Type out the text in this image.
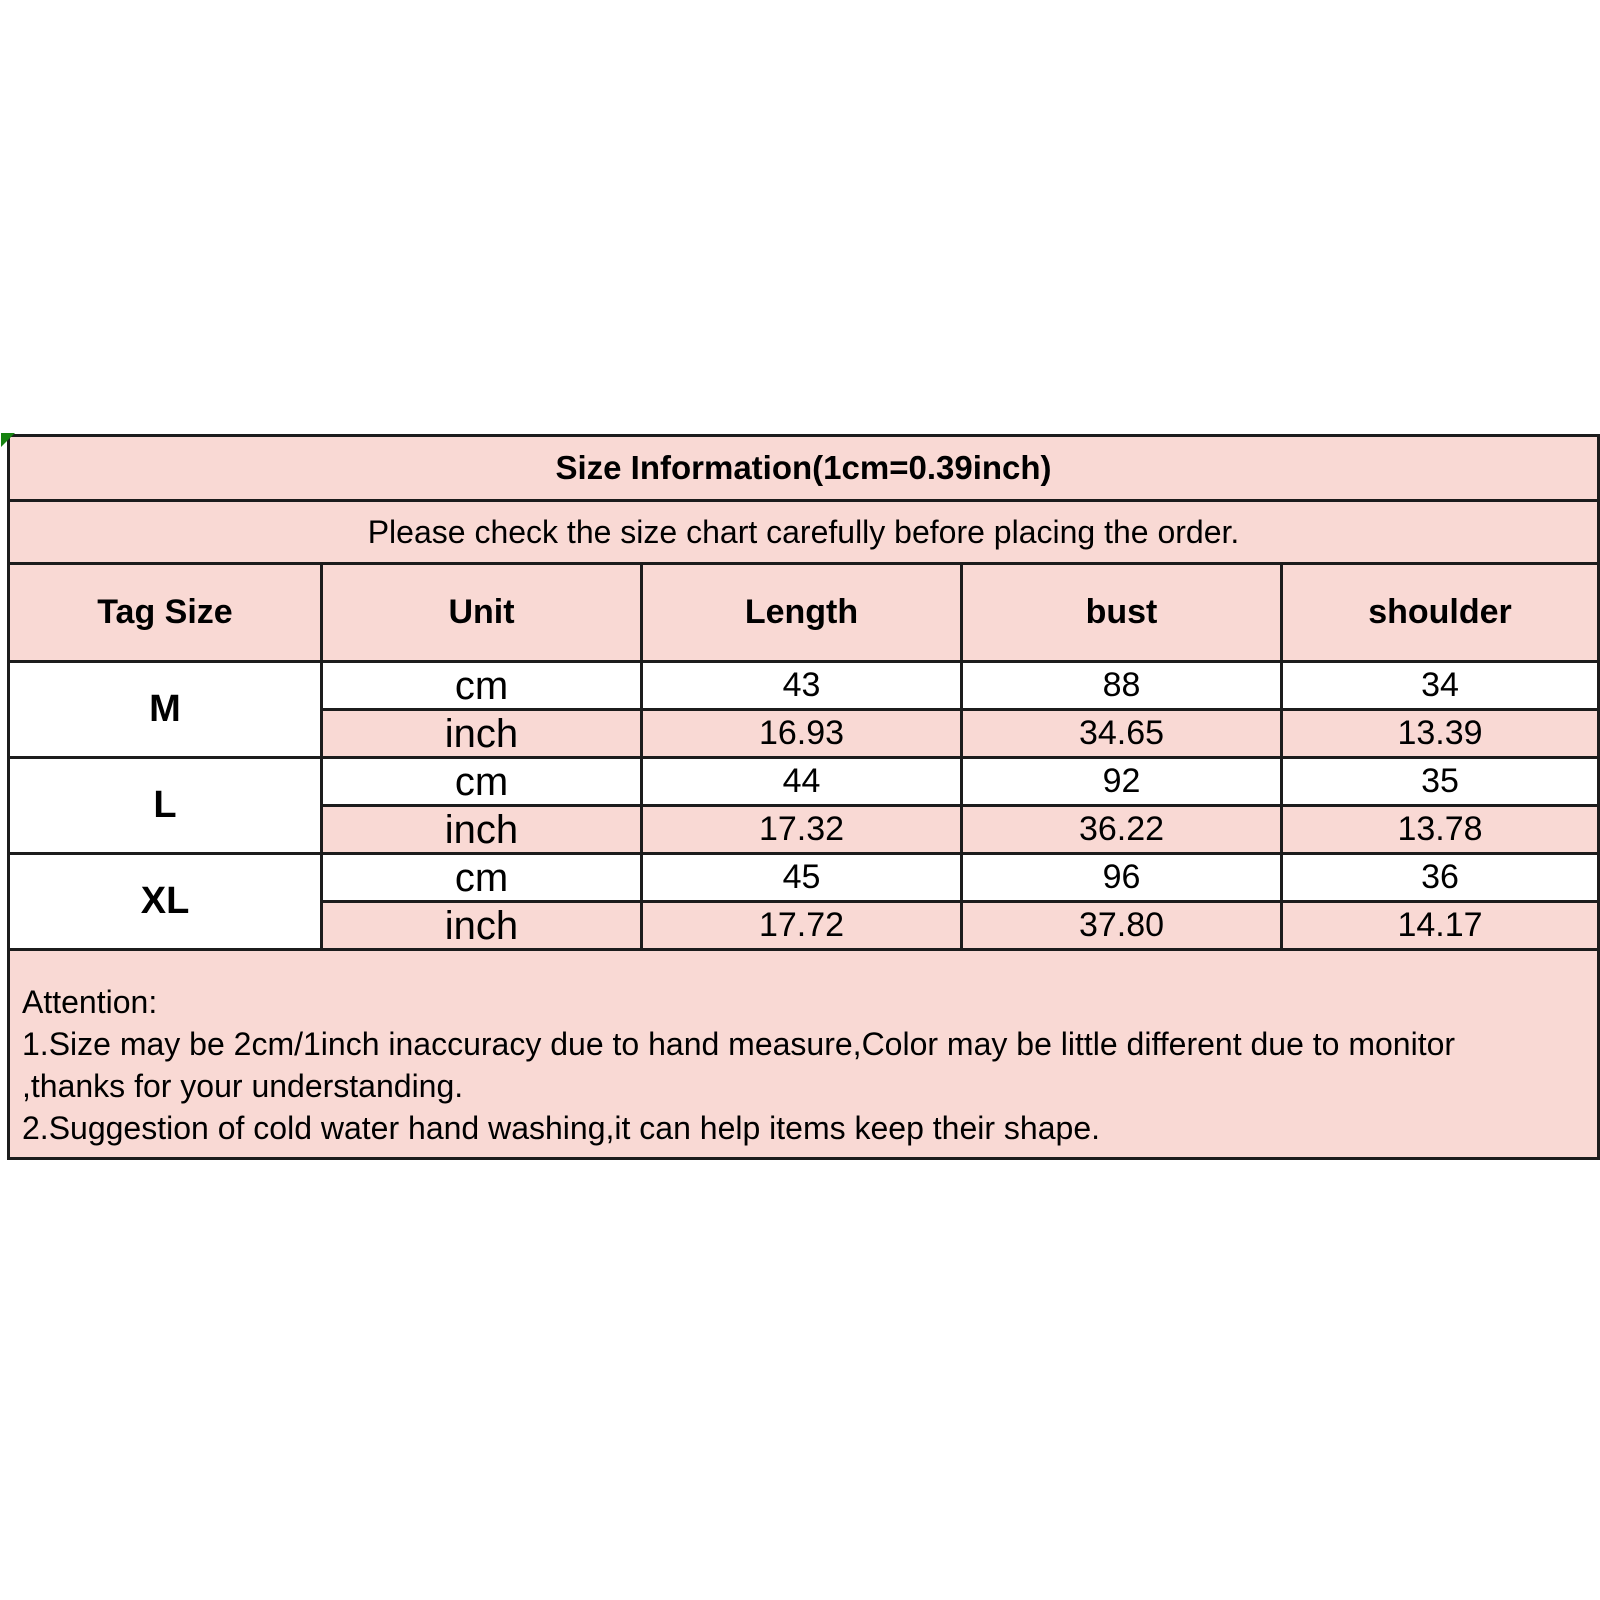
Size Information(1cm=0.39inch)				
Please check the size chart carefully before placing the order.				
Tag Size	Unit	Length	bust	shoulder
M	cm	43	88	34
	inch	16.93	34.65	13.39
L	cm	44	92	35
	inch	17.32	36.22	13.78
XL	cm	45	96	36
	inch	17.72	37.80	14.17

Attention:
1.Size may be 2cm/1inch inaccuracy due to hand measure,Color may be little different due to monitor
,thanks for your understanding.
2.Suggestion of cold water hand washing,it can help items keep their shape.				
